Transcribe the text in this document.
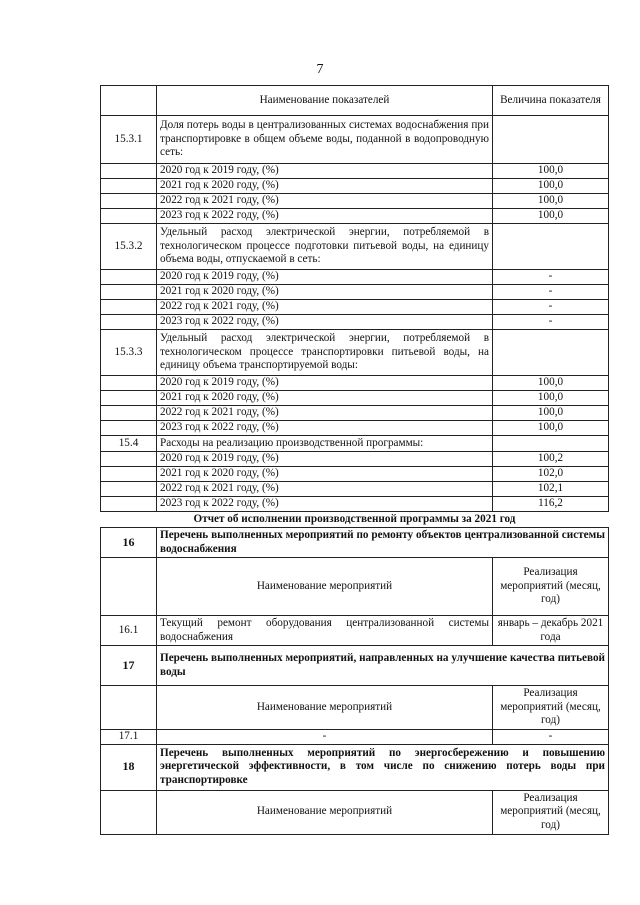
7
	Наименование показателей	Величина показателя
15.3.1	Доля потерь воды в централизованных системах водоснабжения при транспортировке в общем объеме воды, поданной в водопроводную сеть:	
	2020 год к 2019 году, (%)	100,0
	2021 год к 2020 году, (%)	100,0
	2022 год к 2021 году, (%)	100,0
	2023 год к 2022 году, (%)	100,0
15.3.2	Удельный расход электрической энергии, потребляемой в технологическом процессе подготовки питьевой воды, на единицу объема воды, отпускаемой в сеть:	
	2020 год к 2019 году, (%)	-
	2021 год к 2020 году, (%)	-
	2022 год к 2021 году, (%)	-
	2023 год к 2022 году, (%)	-
15.3.3	Удельный расход электрической энергии, потребляемой в технологическом процессе транспортировки питьевой воды, на единицу объема транспортируемой воды:	
	2020 год к 2019 году, (%)	100,0
	2021 год к 2020 году, (%)	100,0
	2022 год к 2021 году, (%)	100,0
	2023 год к 2022 году, (%)	100,0
15.4	Расходы на реализацию производственной программы:	
	2020 год к 2019 году, (%)	100,2
	2021 год к 2020 году, (%)	102,0
	2022 год к 2021 году, (%)	102,1
	2023 год к 2022 году, (%)	116,2
Отчет об исполнении производственной программы за 2021 год		
16	Перечень выполненных мероприятий по ремонту объектов централизованной системы водоснабжения	
	Наименование мероприятий	Реализация мероприятий (месяц, год)
16.1	Текущий ремонт оборудования централизованной системы водоснабжения	январь – декабрь 2021 года
17	Перечень выполненных мероприятий, направленных на улучшение качества питьевой воды	
	Наименование мероприятий	Реализация мероприятий (месяц, год)
17.1	-	-
18	Перечень выполненных мероприятий по энергосбережению и повышению энергетической эффективности, в том числе по снижению потерь воды при транспортировке	
	Наименование мероприятий	Реализация мероприятий (месяц, год)
